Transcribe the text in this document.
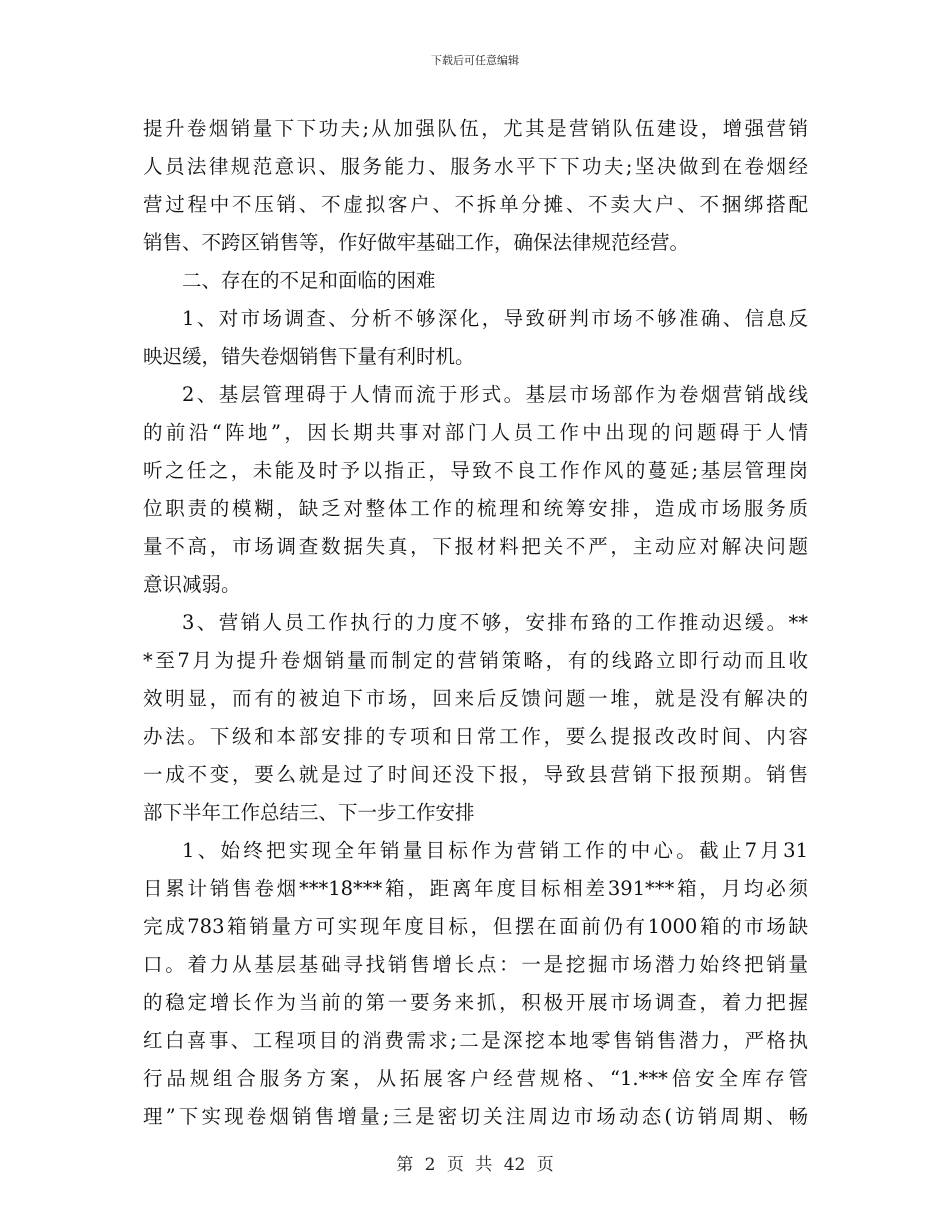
下载后可任意编辑
提升卷烟销量下下功夫;从加强队伍，尤其是营销队伍建设，增强营销
人员法律规范意识、服务能力、服务水平下下功夫;坚决做到在卷烟经
营过程中不压销、不虚拟客户、不拆单分摊、不卖大户、不捆绑搭配
销售、不跨区销售等，作好做牢基础工作，确保法律规范经营。
二、存在的不足和面临的困难
1、对市场调查、分析不够深化，导致研判市场不够准确、信息反
映迟缓，错失卷烟销售下量有利时机。
2、基层管理碍于人情而流于形式。基层市场部作为卷烟营销战线
的前沿“阵地”，因长期共事对部门人员工作中出现的问题碍于人情
听之任之，未能及时予以指正，导致不良工作作风的蔓延;基层管理岗
位职责的模糊，缺乏对整体工作的梳理和统筹安排，造成市场服务质
量不高，市场调查数据失真，下报材料把关不严，主动应对解决问题
意识减弱。
3、营销人员工作执行的力度不够，安排布臵的工作推动迟缓。**
*至7月为提升卷烟销量而制定的营销策略，有的线路立即行动而且收
效明显，而有的被迫下市场，回来后反馈问题一堆，就是没有解决的
办法。下级和本部安排的专项和日常工作，要么提报改改时间、内容
一成不变，要么就是过了时间还没下报，导致县营销下报预期。销售
部下半年工作总结三、下一步工作安排
1、始终把实现全年销量目标作为营销工作的中心。截止7月31
日累计销售卷烟***18***箱，距离年度目标相差391***箱，月均必须
完成783箱销量方可实现年度目标，但摆在面前仍有1000箱的市场缺
口。着力从基层基础寻找销售增长点：一是挖掘市场潜力始终把销量
的稳定增长作为当前的第一要务来抓，积极开展市场调查，着力把握
红白喜事、工程项目的消费需求;二是深挖本地零售销售潜力，严格执
行品规组合服务方案，从拓展客户经营规格、“1.***倍安全库存管
理”下实现卷烟销售增量;三是密切关注周边市场动态(访销周期、畅
第 2 页 共 42 页
